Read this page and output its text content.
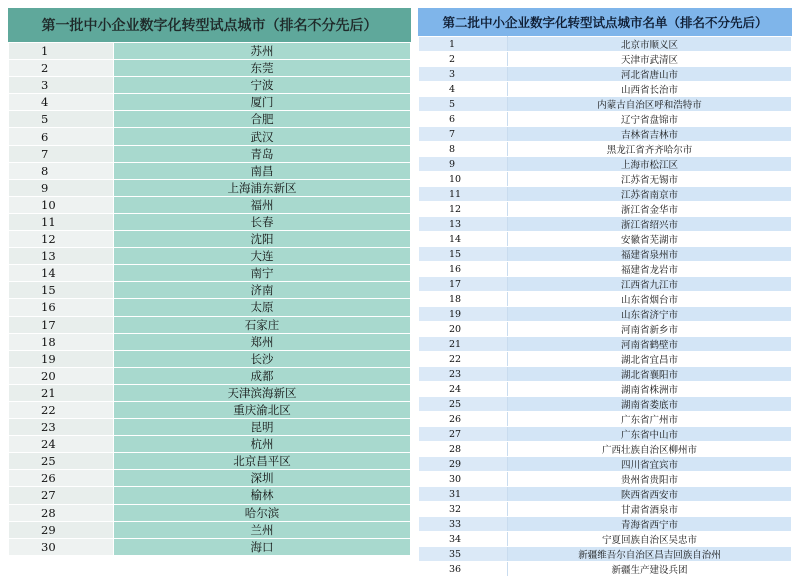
第一批中小企业数字化转型试点城市（排名不分先后）
1	苏州
2	东莞
3	宁波
4	厦门
5	合肥
6	武汉
7	青岛
8	南昌
9	上海浦东新区
10	福州
11	长春
12	沈阳
13	大连
14	南宁
15	济南
16	太原
17	石家庄
18	郑州
19	长沙
20	成都
21	天津滨海新区
22	重庆渝北区
23	昆明
24	杭州
25	北京昌平区
26	深圳
27	榆林
28	哈尔滨
29	兰州
30	海口
第二批中小企业数字化转型试点城市名单（排名不分先后）
1	北京市顺义区
2	天津市武清区
3	河北省唐山市
4	山西省长治市
5	内蒙古自治区呼和浩特市
6	辽宁省盘锦市
7	吉林省吉林市
8	黑龙江省齐齐哈尔市
9	上海市松江区
10	江苏省无锡市
11	江苏省南京市
12	浙江省金华市
13	浙江省绍兴市
14	安徽省芜湖市
15	福建省泉州市
16	福建省龙岩市
17	江西省九江市
18	山东省烟台市
19	山东省济宁市
20	河南省新乡市
21	河南省鹤壁市
22	湖北省宜昌市
23	湖北省襄阳市
24	湖南省株洲市
25	湖南省娄底市
26	广东省广州市
27	广东省中山市
28	广西壮族自治区柳州市
29	四川省宜宾市
30	贵州省贵阳市
31	陕西省西安市
32	甘肃省酒泉市
33	青海省西宁市
34	宁夏回族自治区吴忠市
35	新疆维吾尔自治区昌吉回族自治州
36	新疆生产建设兵团
